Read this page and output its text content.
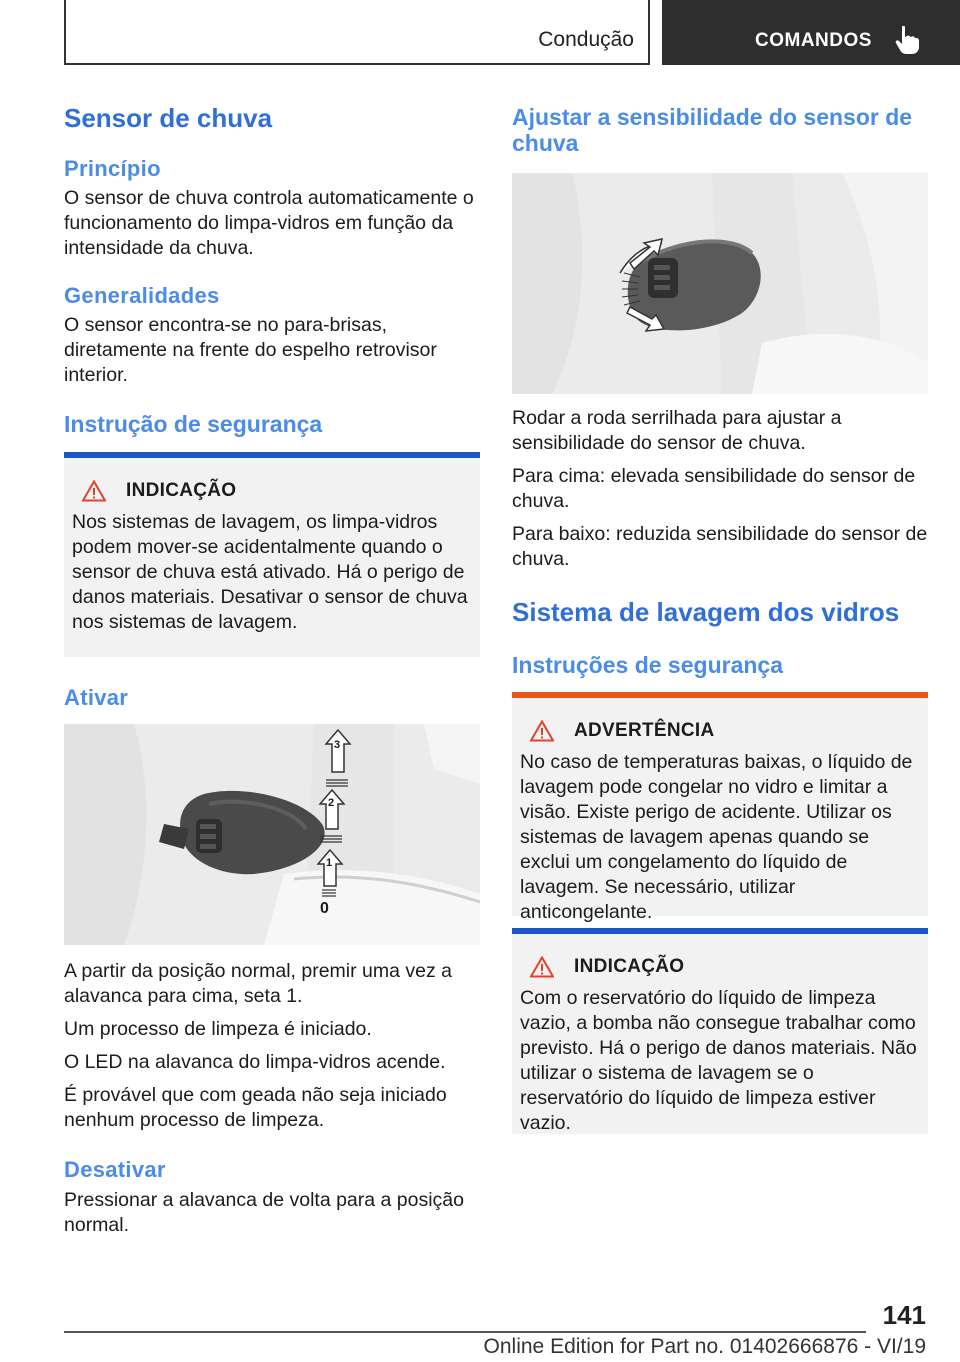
Condução	COMANDOS
Sensor de chuva
Princípio

O sensor de chuva controla automaticamente o funcionamento do limpa-vidros em função da intensidade da chuva.

Generalidades

O sensor encontra-se no para-brisas, diretamente na frente do espelho retrovisor interior.

Instrução de segurança
INDICAÇÃO

Nos sistemas de lavagem, os limpa-vidros podem mover-se acidentalmente quando o sensor de chuva está ativado. Há o perigo de danos materiais. Desativar o sensor de chuva nos sistemas de lavagem.

Ativar
3
2
1
0

A partir da posição normal, premir uma vez a alavanca para cima, seta 1.

Um processo de limpeza é iniciado.

O LED na alavanca do limpa-vidros acende.

É provável que com geada não seja iniciado nenhum processo de limpeza.

Desativar

Pressionar a alavanca de volta para a posição normal.

Ajustar a sensibilidade do sensor de chuva

Rodar a roda serrilhada para ajustar a sensibilidade do sensor de chuva.

Para cima: elevada sensibilidade do sensor de chuva.

Para baixo: reduzida sensibilidade do sensor de chuva.

Sistema de lavagem dos vidros
Instruções de segurança
ADVERTÊNCIA

No caso de temperaturas baixas, o líquido de lavagem pode congelar no vidro e limitar a visão. Existe perigo de acidente. Utilizar os sistemas de lavagem apenas quando se exclui um congelamento do líquido de lavagem. Se necessário, utilizar anticongelante.

INDICAÇÃO

Com o reservatório do líquido de limpeza vazio, a bomba não consegue trabalhar como previsto. Há o perigo de danos materiais. Não utilizar o sistema de lavagem se o reservatório do líquido de limpeza estiver vazio.

141
Online Edition for Part no. 01402666876 - VI/19
